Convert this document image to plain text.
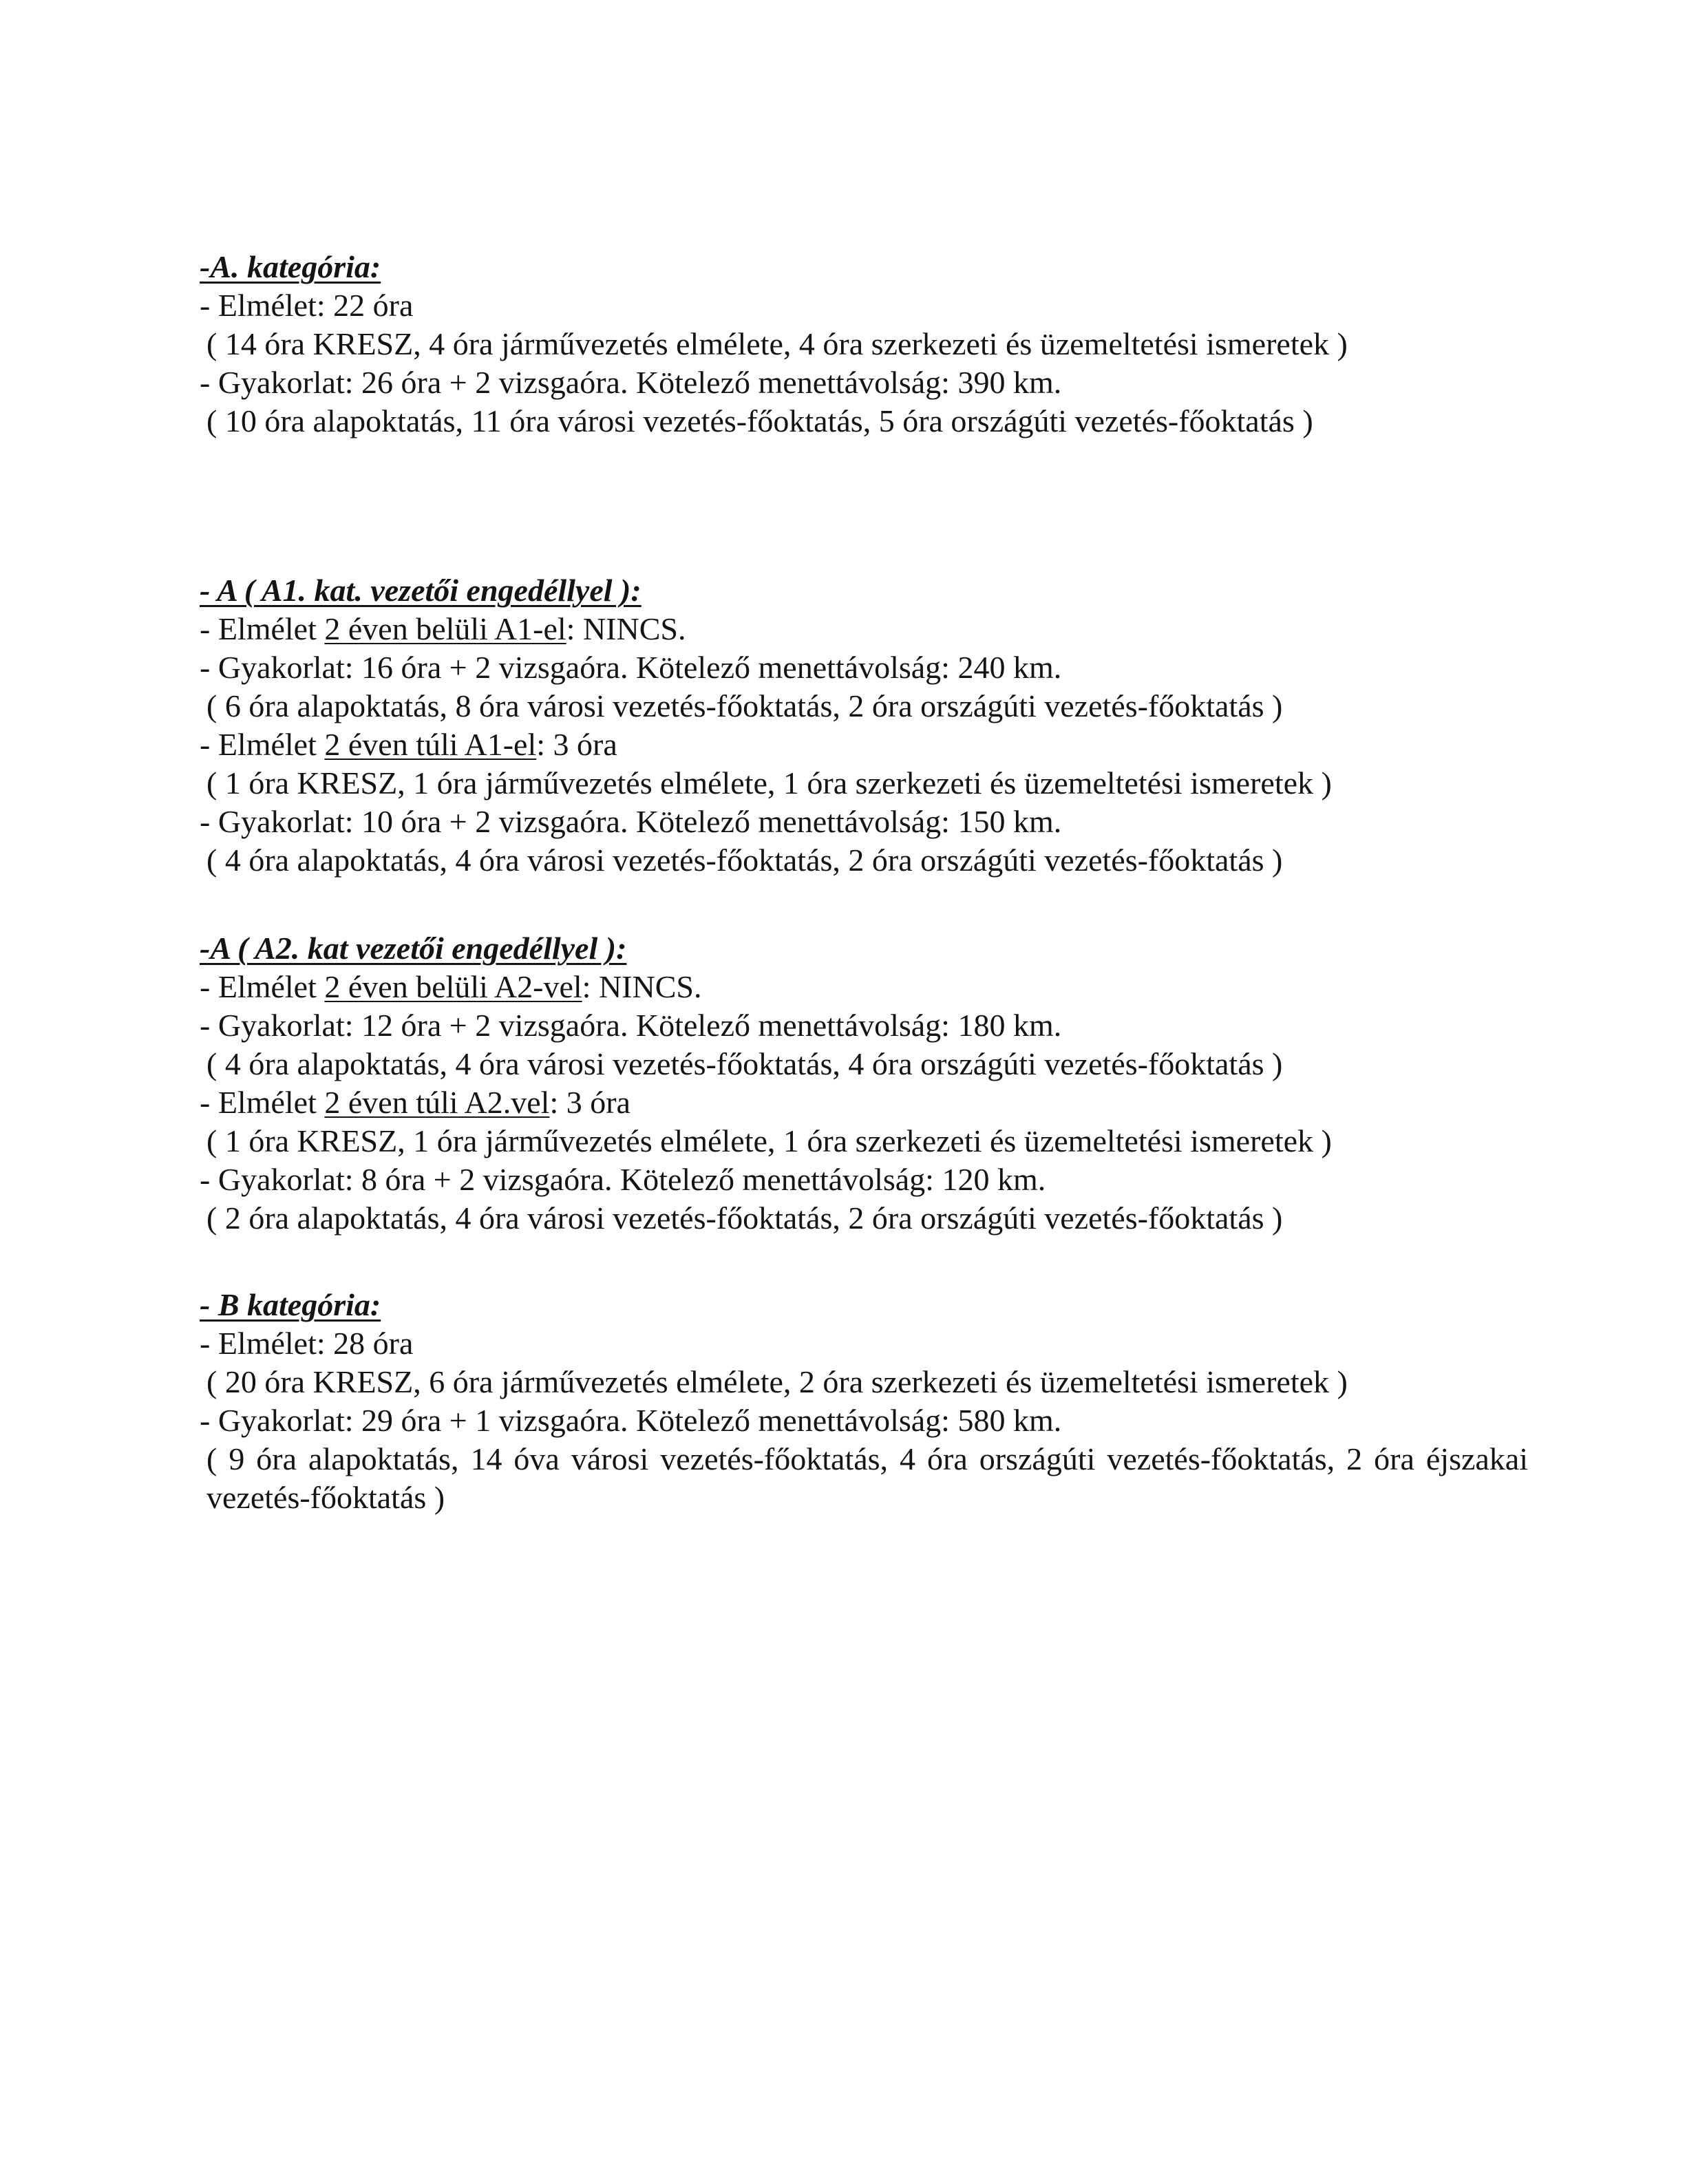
-A. kategória:
- Elmélet: 22 óra
( 14 óra KRESZ, 4 óra járművezetés elmélete, 4 óra szerkezeti és üzemeltetési ismeretek )
- Gyakorlat: 26 óra + 2 vizsgaóra. Kötelező menettávolság: 390 km.
( 10 óra alapoktatás, 11 óra városi vezetés-főoktatás, 5 óra országúti vezetés-főoktatás )
- A ( A1. kat. vezetői engedéllyel ):
- Elmélet 2 éven belüli A1-el: NINCS.
- Gyakorlat: 16 óra + 2 vizsgaóra. Kötelező menettávolság: 240 km.
( 6 óra alapoktatás, 8 óra városi vezetés-főoktatás, 2 óra országúti vezetés-főoktatás )
- Elmélet 2 éven túli A1-el: 3 óra
( 1 óra KRESZ, 1 óra járművezetés elmélete, 1 óra szerkezeti és üzemeltetési ismeretek )
- Gyakorlat: 10 óra + 2 vizsgaóra. Kötelező menettávolság: 150 km.
( 4 óra alapoktatás, 4 óra városi vezetés-főoktatás, 2 óra országúti vezetés-főoktatás )
-A ( A2. kat vezetői engedéllyel ):
- Elmélet 2 éven belüli A2-vel: NINCS.
- Gyakorlat: 12 óra + 2 vizsgaóra. Kötelező menettávolság: 180 km.
( 4 óra alapoktatás, 4 óra városi vezetés-főoktatás, 4 óra országúti vezetés-főoktatás )
- Elmélet 2 éven túli A2.vel: 3 óra
( 1 óra KRESZ, 1 óra járművezetés elmélete, 1 óra szerkezeti és üzemeltetési ismeretek )
- Gyakorlat: 8 óra + 2 vizsgaóra. Kötelező menettávolság: 120 km.
( 2 óra alapoktatás, 4 óra városi vezetés-főoktatás, 2 óra országúti vezetés-főoktatás )
- B kategória:
- Elmélet: 28 óra
( 20 óra KRESZ, 6 óra járművezetés elmélete, 2 óra szerkezeti és üzemeltetési ismeretek )
- Gyakorlat: 29 óra + 1 vizsgaóra. Kötelező menettávolság: 580 km.
( 9 óra alapoktatás, 14 óva városi vezetés-főoktatás, 4 óra országúti vezetés-főoktatás, 2 óra éjszakai vezetés-főoktatás )
